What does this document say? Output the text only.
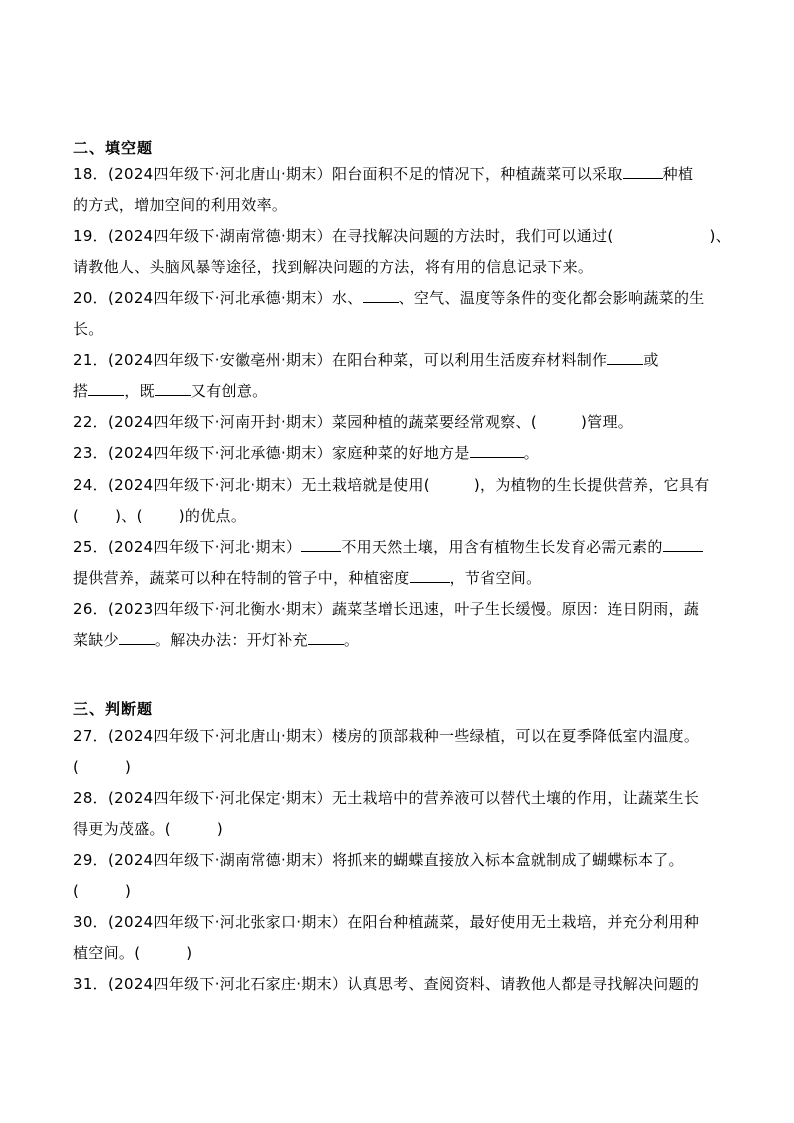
二、填空题
18．(2024四年级下·河北唐山·期末）阳台面积不足的情况下，种植蔬菜可以采取	种植
的方式，增加空间的利用效率。
19．(2024四年级下·湖南常德·期末）在寻找解决问题的方法时，我们可以通过(	)、
请教他人、头脑风暴等途径，找到解决问题的方法，将有用的信息记录下来。
20．(2024四年级下·河北承德·期末）水、 、空气、温度等条件的变化都会影响蔬菜的生
长。
21．(2024四年级下·安徽亳州·期末）在阳台种菜，可以利用生活废弃材料制作 或
搭 ，既 又有创意。
22．(2024四年级下·河南开封·期末）菜园种植的蔬菜要经常观察、(	)管理。
23．(2024四年级下·河北承德·期末）家庭种菜的好地方是	。
24．(2024四年级下·河北·期末）无土栽培就是使用(	)，为植物的生长提供营养，它具有
( )、( )的优点。
25．(2024四年级下·河北·期末）	不用天然土壤，用含有植物生长发育必需元素的
提供营养，蔬菜可以种在特制的管子中，种植密度	，节省空间。
26．(2023四年级下·河北衡水·期末）蔬菜茎增长迅速，叶子生长缓慢。原因：连日阴雨，蔬
菜缺少 。解决办法：开灯补充 。
三、判断题
27．(2024四年级下·河北唐山·期末）楼房的顶部栽种一些绿植，可以在夏季降低室内温度。
(　　　)
28．(2024四年级下·河北保定·期末）无土栽培中的营养液可以替代土壤的作用，让蔬菜生长
得更为茂盛。(　　　)
29．(2024四年级下·湖南常德·期末）将抓来的蝴蝶直接放入标本盒就制成了蝴蝶标本了。
(　　　)
30．(2024四年级下·河北张家口·期末）在阳台种植蔬菜，最好使用无土栽培，并充分利用种
植空间。(　　　)
31．(2024四年级下·河北石家庄·期末）认真思考、查阅资料、请教他人都是寻找解决问题的
